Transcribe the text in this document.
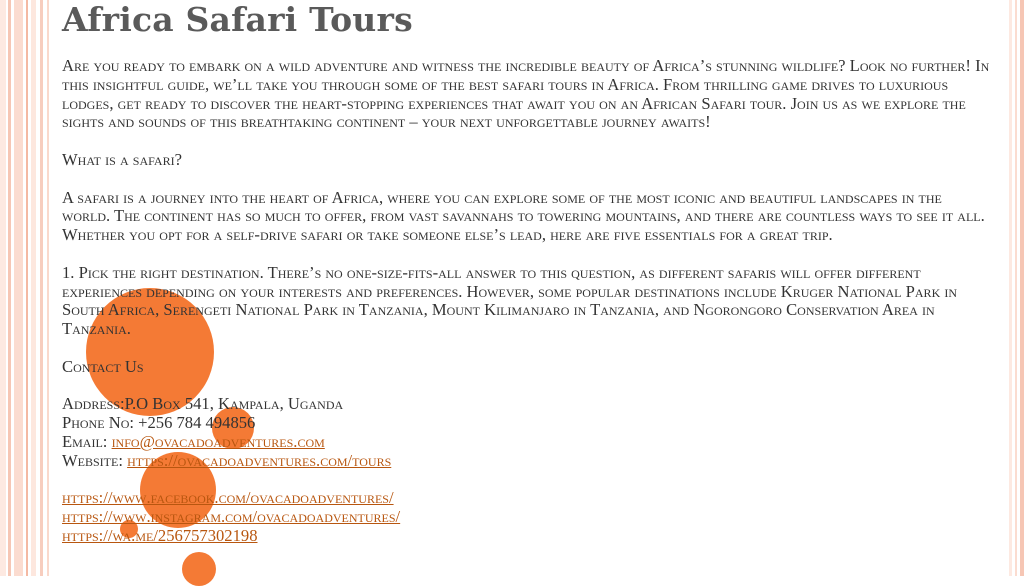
Africa Safari Tours

Are you ready to embark on a wild adventure and witness the incredible beauty of Africa’s stunning wildlife? Look no further! In this insightful guide, we’ll take you through some of the best safari tours in Africa. From thrilling game drives to luxurious lodges, get ready to discover the heart-stopping experiences that await you on an African Safari tour. Join us as we explore the sights and sounds of this breathtaking continent – your next unforgettable journey awaits!

What is a safari?

A safari is a journey into the heart of Africa, where you can explore some of the most iconic and beautiful landscapes in the world. The continent has so much to offer, from vast savannahs to towering mountains, and there are countless ways to see it all. Whether you opt for a self-drive safari or take someone else’s lead, here are five essentials for a great trip.

1. Pick the right destination. There’s no one-size-fits-all answer to this question, as different safaris will offer different experiences depending on your interests and preferences. However, some popular destinations include Kruger National Park in South Africa, Serengeti National Park in Tanzania, Mount Kilimanjaro in Tanzania, and Ngorongoro Conservation Area in Tanzania.

Contact Us

Address:P.O Box 541, Kampala, Uganda

Phone No: +256 784 494856

Email: info@ovacadoadventures.com

Website: https://ovacadoadventures.com/tours

https://www.facebook.com/ovacadoadventures/

https://www.instagram.com/ovacadoadventures/

https://wa.me/256757302198
